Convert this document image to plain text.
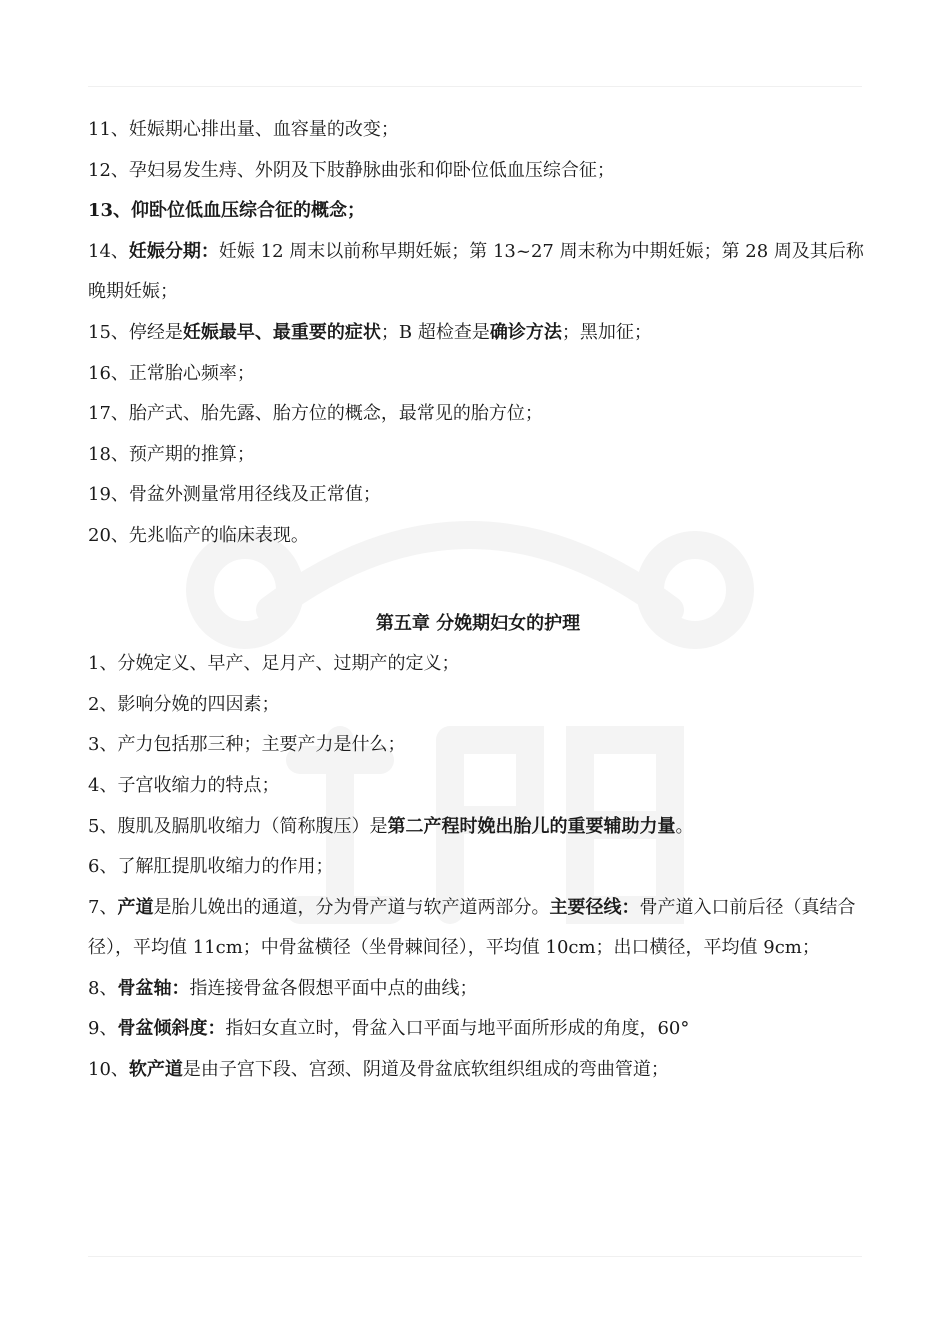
11、妊娠期心排出量、血容量的改变；
12、孕妇易发生痔、外阴及下肢静脉曲张和仰卧位低血压综合征；
13、仰卧位低血压综合征的概念；
14、妊娠分期：妊娠 12 周末以前称早期妊娠；第 13~27 周末称为中期妊娠；第 28 周及其后称晚期妊娠；
15、停经是妊娠最早、最重要的症状；B 超检查是确诊方法；黑加征；
16、正常胎心频率；
17、胎产式、胎先露、胎方位的概念，最常见的胎方位；
18、预产期的推算；
19、骨盆外测量常用径线及正常值；
20、先兆临产的临床表现。
第五章 分娩期妇女的护理
1、分娩定义、早产、足月产、过期产的定义；
2、影响分娩的四因素；
3、产力包括那三种；主要产力是什么；
4、子宫收缩力的特点；
5、腹肌及膈肌收缩力（简称腹压）是第二产程时娩出胎儿的重要辅助力量。
6、了解肛提肌收缩力的作用；
7、产道是胎儿娩出的通道，分为骨产道与软产道两部分。主要径线：骨产道入口前后径（真结合径），平均值 11cm；中骨盆横径（坐骨棘间径），平均值 10cm；出口横径，平均值 9cm；
8、骨盆轴：指连接骨盆各假想平面中点的曲线；
9、骨盆倾斜度：指妇女直立时，骨盆入口平面与地平面所形成的角度，60°
10、软产道是由子宫下段、宫颈、阴道及骨盆底软组织组成的弯曲管道；
